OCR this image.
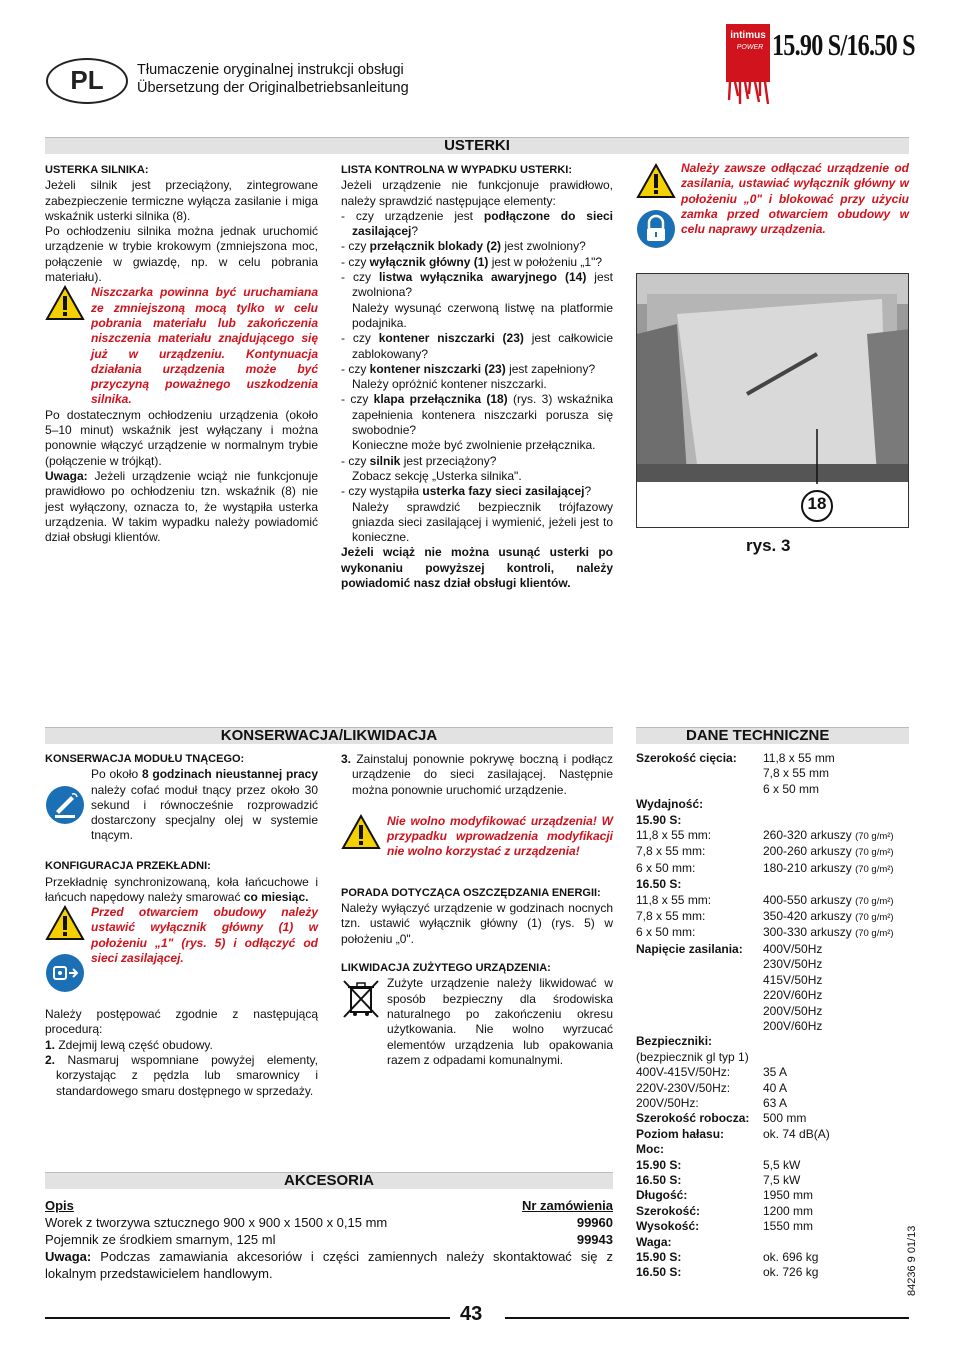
PL	Tłumaczenie oryginalnej instrukcji obsługi
Übersetzung der Originalbetriebsanleitung
intimus
POWER 15.90 S/16.50 S
USTERKI
USTERKA SILNIKA:
Jeżeli silnik jest przeciążony, zintegrowane zabezpieczenie termiczne wyłącza zasilanie i miga wskaźnik usterki silnika (8).
Po ochłodzeniu silnika można jednak uruchomić urządzenie w trybie krokowym (zmniejszona moc, połączenie w gwiazdę, np. w celu pobrania materiału).
Niszczarka powinna być uruchamiana ze zmniejszoną mocą tylko w celu pobrania materiału lub zakończenia niszczenia materiału znajdującego się już w urządzeniu. Kontynuacja działania urządzenia może być przyczyną poważnego uszkodzenia silnika.
Po dostatecznym ochłodzeniu urządzenia (około 5–10 minut) wskaźnik jest wyłączany i można ponownie włączyć urządzenie w normalnym trybie (połączenie w trójkąt).
Uwaga: Jeżeli urządzenie wciąż nie funkcjonuje prawidłowo po ochłodzeniu tzn. wskaźnik (8) nie jest wyłączony, oznacza to, że wystąpiła usterka urządzenia. W takim wypadku należy powiadomić dział obsługi klientów.
LISTA KONTROLNA W WYPADKU USTERKI:
Jeżeli urządzenie nie funkcjonuje prawidłowo, należy sprawdzić następujące elementy:
- czy urządzenie jest podłączone do sieci zasilającej?
- czy przełącznik blokady (2) jest zwolniony?
- czy wyłącznik główny (1) jest w położeniu „1"?
- czy listwa wyłącznika awaryjnego (14) jest zwolniona?
Należy wysunąć czerwoną listwę na platformie podajnika.
- czy kontener niszczarki (23) jest całkowicie zablokowany?
- czy kontener niszczarki (23) jest zapełniony?
Należy opróżnić kontener niszczarki.
- czy klapa przełącznika (18) (rys. 3) wskaźnika zapełnienia kontenera niszczarki porusza się swobodnie?
Konieczne może być zwolnienie przełącznika.
- czy silnik jest przeciążony?
Zobacz sekcję „Usterka silnika".
- czy wystąpiła usterka fazy sieci zasilającej?
Należy sprawdzić bezpiecznik trójfazowy gniazda sieci zasilającej i wymienić, jeżeli jest to konieczne.
Jeżeli wciąż nie można usunąć usterki po wykonaniu powyższej kontroli, należy powiadomić nasz dział obsługi klientów.
Należy zawsze odłączać urządzenie od zasilania, ustawiać wyłącznik główny w położeniu „0" i blokować przy użyciu zamka przed otwarciem obudowy w celu naprawy urządzenia.
18
rys. 3
KONSERWACJA/LIKWIDACJA
KONSERWACJA MODUŁU TNĄCEGO:
Po około 8 godzinach nieustannej pracy należy cofać moduł tnący przez około 30 sekund i równocześnie rozprowadzić dostarczony specjalny olej w systemie tnącym.
KONFIGURACJA PRZEKŁADNI:
Przekładnię synchronizowaną, koła łańcuchowe i łańcuch napędowy należy smarować co miesiąc.
Przed otwarciem obudowy należy ustawić wyłącznik główny (1) w położeniu „1" (rys. 5) i odłączyć od sieci zasilającej.
Należy postępować zgodnie z następującą procedurą:
1. Zdejmij lewą część obudowy.
2. Nasmaruj wspomniane powyżej elementy, korzystając z pędzla lub smarownicy i standardowego smaru dostępnego w sprzedaży.
3. Zainstaluj ponownie pokrywę boczną i podłącz urządzenie do sieci zasilającej. Następnie można ponownie uruchomić urządzenie.
Nie wolno modyfikować urządzenia! W przypadku wprowadzenia modyfikacji nie wolno korzystać z urządzenia!
PORADA DOTYCZĄCA OSZCZĘDZANIA ENERGII:
Należy wyłączyć urządzenie w godzinach nocnych tzn. ustawić wyłącznik główny (1) (rys. 5) w położeniu „0".
LIKWIDACJA ZUŻYTEGO URZĄDZENIA:
Zużyte urządzenie należy likwidować w sposób bezpieczny dla środowiska naturalnego po zakończeniu okresu użytkowania. Nie wolno wyrzucać elementów urządzenia lub opakowania razem z odpadami komunalnymi.
DANE TECHNICZNE
Szerokość cięcia:	11,8 x 55 mm
	7,8 x 55 mm
	6 x 50 mm
Wydajność:	
15.90 S:	
11,8 x 55 mm:	260-320 arkuszy (70 g/m²)
7,8 x 55 mm:	200-260 arkuszy (70 g/m²)
6 x 50 mm:	180-210 arkuszy (70 g/m²)
16.50 S:	
11,8 x 55 mm:	400-550 arkuszy (70 g/m²)
7,8 x 55 mm:	350-420 arkuszy (70 g/m²)
6 x 50 mm:	300-330 arkuszy (70 g/m²)
Napięcie zasilania:	400V/50Hz
	230V/50Hz
	415V/50Hz
	220V/60Hz
	200V/50Hz
	200V/60Hz

Bezpieczniki:	
(bezpiecznik gl typ 1)	
400V-415V/50Hz:	35 A
220V-230V/50Hz:	40 A
200V/50Hz:	63 A
Szerokość robocza:	500 mm
Poziom hałasu:	ok. 74 dB(A)
Moc:	
15.90 S:	5,5 kW
16.50 S:	7,5 kW
Długość:	1950 mm
Szerokość:	1200 mm
Wysokość:	1550 mm
Waga:	
15.90 S:	ok. 696 kg
16.50 S:	ok. 726 kg
AKCESORIA
Opis	Nr zamówienia
Worek z tworzywa sztucznego 900 x 900 x 1500 x 0,15 mm	99960
Pojemnik ze środkiem smarnym, 125 ml	99943
Uwaga: Podczas zamawiania akcesoriów i części zamiennych należy skontaktować się z lokalnym przedstawicielem handlowym.
43
84236 9 01/13
